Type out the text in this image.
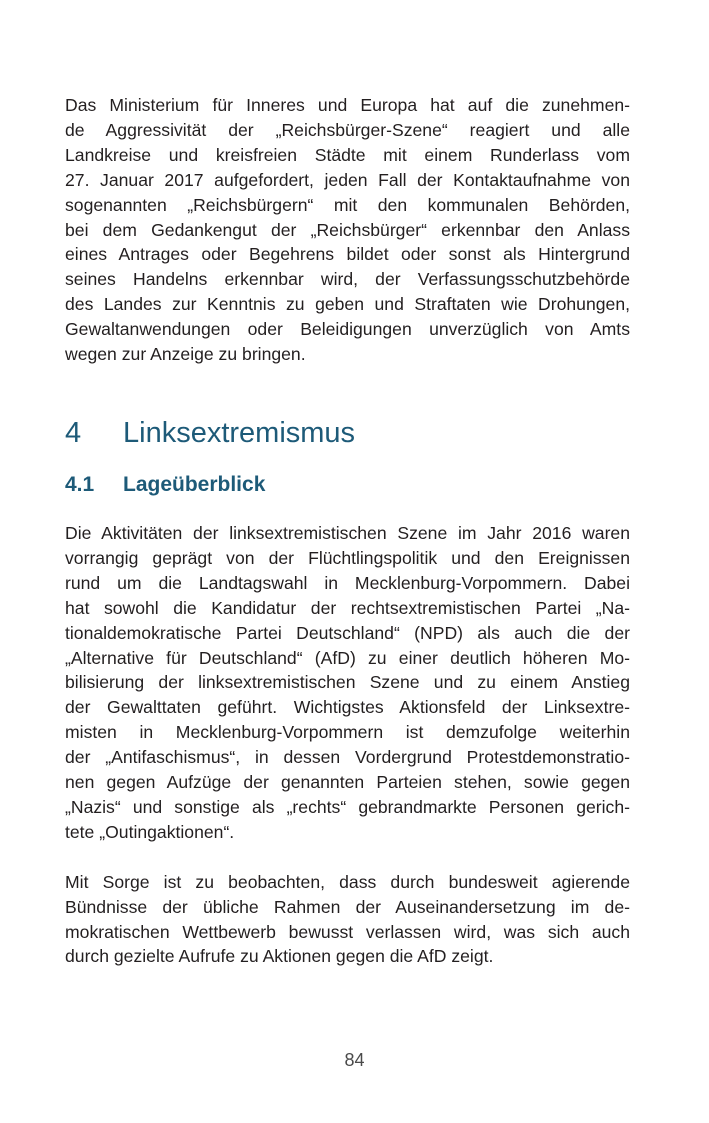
Das Ministerium für Inneres und Europa hat auf die zunehmen-
de Aggressivität der „Reichsbürger-Szene“ reagiert und alle
Landkreise und kreisfreien Städte mit einem Runderlass vom
27. Januar 2017 aufgefordert, jeden Fall der Kontaktaufnahme von
sogenannten „Reichsbürgern“ mit den kommunalen Behörden,
bei dem Gedankengut der „Reichsbürger“ erkennbar den Anlass
eines Antrages oder Begehrens bildet oder sonst als Hintergrund
seines Handelns erkennbar wird, der Verfassungsschutzbehörde
des Landes zur Kenntnis zu geben und Straftaten wie Drohungen,
Gewaltanwendungen oder Beleidigungen unverzüglich von Amts
wegen zur Anzeige zu bringen.
4 Linksextremismus
4.1 Lageüberblick
Die Aktivitäten der linksextremistischen Szene im Jahr 2016 waren
vorrangig geprägt von der Flüchtlingspolitik und den Ereignissen
rund um die Landtagswahl in Mecklenburg-Vorpommern. Dabei
hat sowohl die Kandidatur der rechtsextremistischen Partei „Na-
tionaldemokratische Partei Deutschland“ (NPD) als auch die der
„Alternative für Deutschland“ (AfD) zu einer deutlich höheren Mo-
bilisierung der linksextremistischen Szene und zu einem Anstieg
der Gewalttaten geführt. Wichtigstes Aktionsfeld der Linksextre-
misten in Mecklenburg-Vorpommern ist demzufolge weiterhin
der „Antifaschismus“, in dessen Vordergrund Protestdemonstratio-
nen gegen Aufzüge der genannten Parteien stehen, sowie gegen
„Nazis“ und sonstige als „rechts“ gebrandmarkte Personen gerich-
tete „Outingaktionen“.
Mit Sorge ist zu beobachten, dass durch bundesweit agierende
Bündnisse der übliche Rahmen der Auseinandersetzung im de-
mokratischen Wettbewerb bewusst verlassen wird, was sich auch
durch gezielte Aufrufe zu Aktionen gegen die AfD zeigt.
84
